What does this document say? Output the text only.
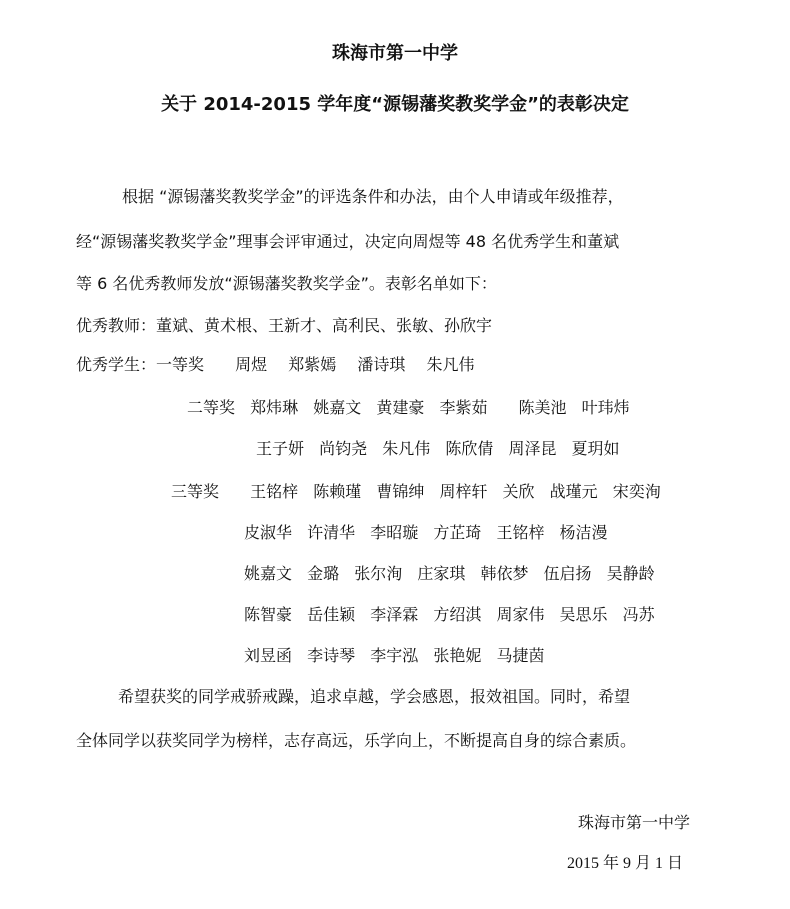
珠海市第一中学
关于 2014-2015 学年度“源锡藩奖教奖学金”的表彰决定
根据 “源锡藩奖教奖学金”的评选条件和办法，由个人申请或年级推荐，
经“源锡藩奖教奖学金”理事会评审通过，决定向周煜等 48 名优秀学生和董斌
等 6 名优秀教师发放“源锡藩奖教奖学金”。表彰名单如下：
优秀教师：董斌、黄术根、王新才、高利民、张敏、孙欣宇
优秀学生：一等奖 周煜 郑紫嫣 潘诗琪 朱凡伟
二等奖 郑炜琳 姚嘉文 黄建豪 李紫茹 陈美池 叶玮炜
王子妍 尚钧尧 朱凡伟 陈欣倩 周泽昆 夏玥如
三等奖 王铭梓 陈赖瑾 曹锦绅 周梓轩 关欣 战瑾元 宋奕洵
皮淑华 许清华 李昭璇 方芷琦 王铭梓 杨洁漫
姚嘉文 金璐 张尔洵 庄家琪 韩依梦 伍启扬 吴静龄
陈智豪 岳佳颖 李泽霖 方绍淇 周家伟 吴思乐 冯苏
刘昱函 李诗琴 李宇泓 张艳妮 马捷茵
希望获奖的同学戒骄戒躁，追求卓越，学会感恩，报效祖国。同时，希望
全体同学以获奖同学为榜样，志存高远，乐学向上，不断提高自身的综合素质。
珠海市第一中学
2015 年 9 月 1 日
